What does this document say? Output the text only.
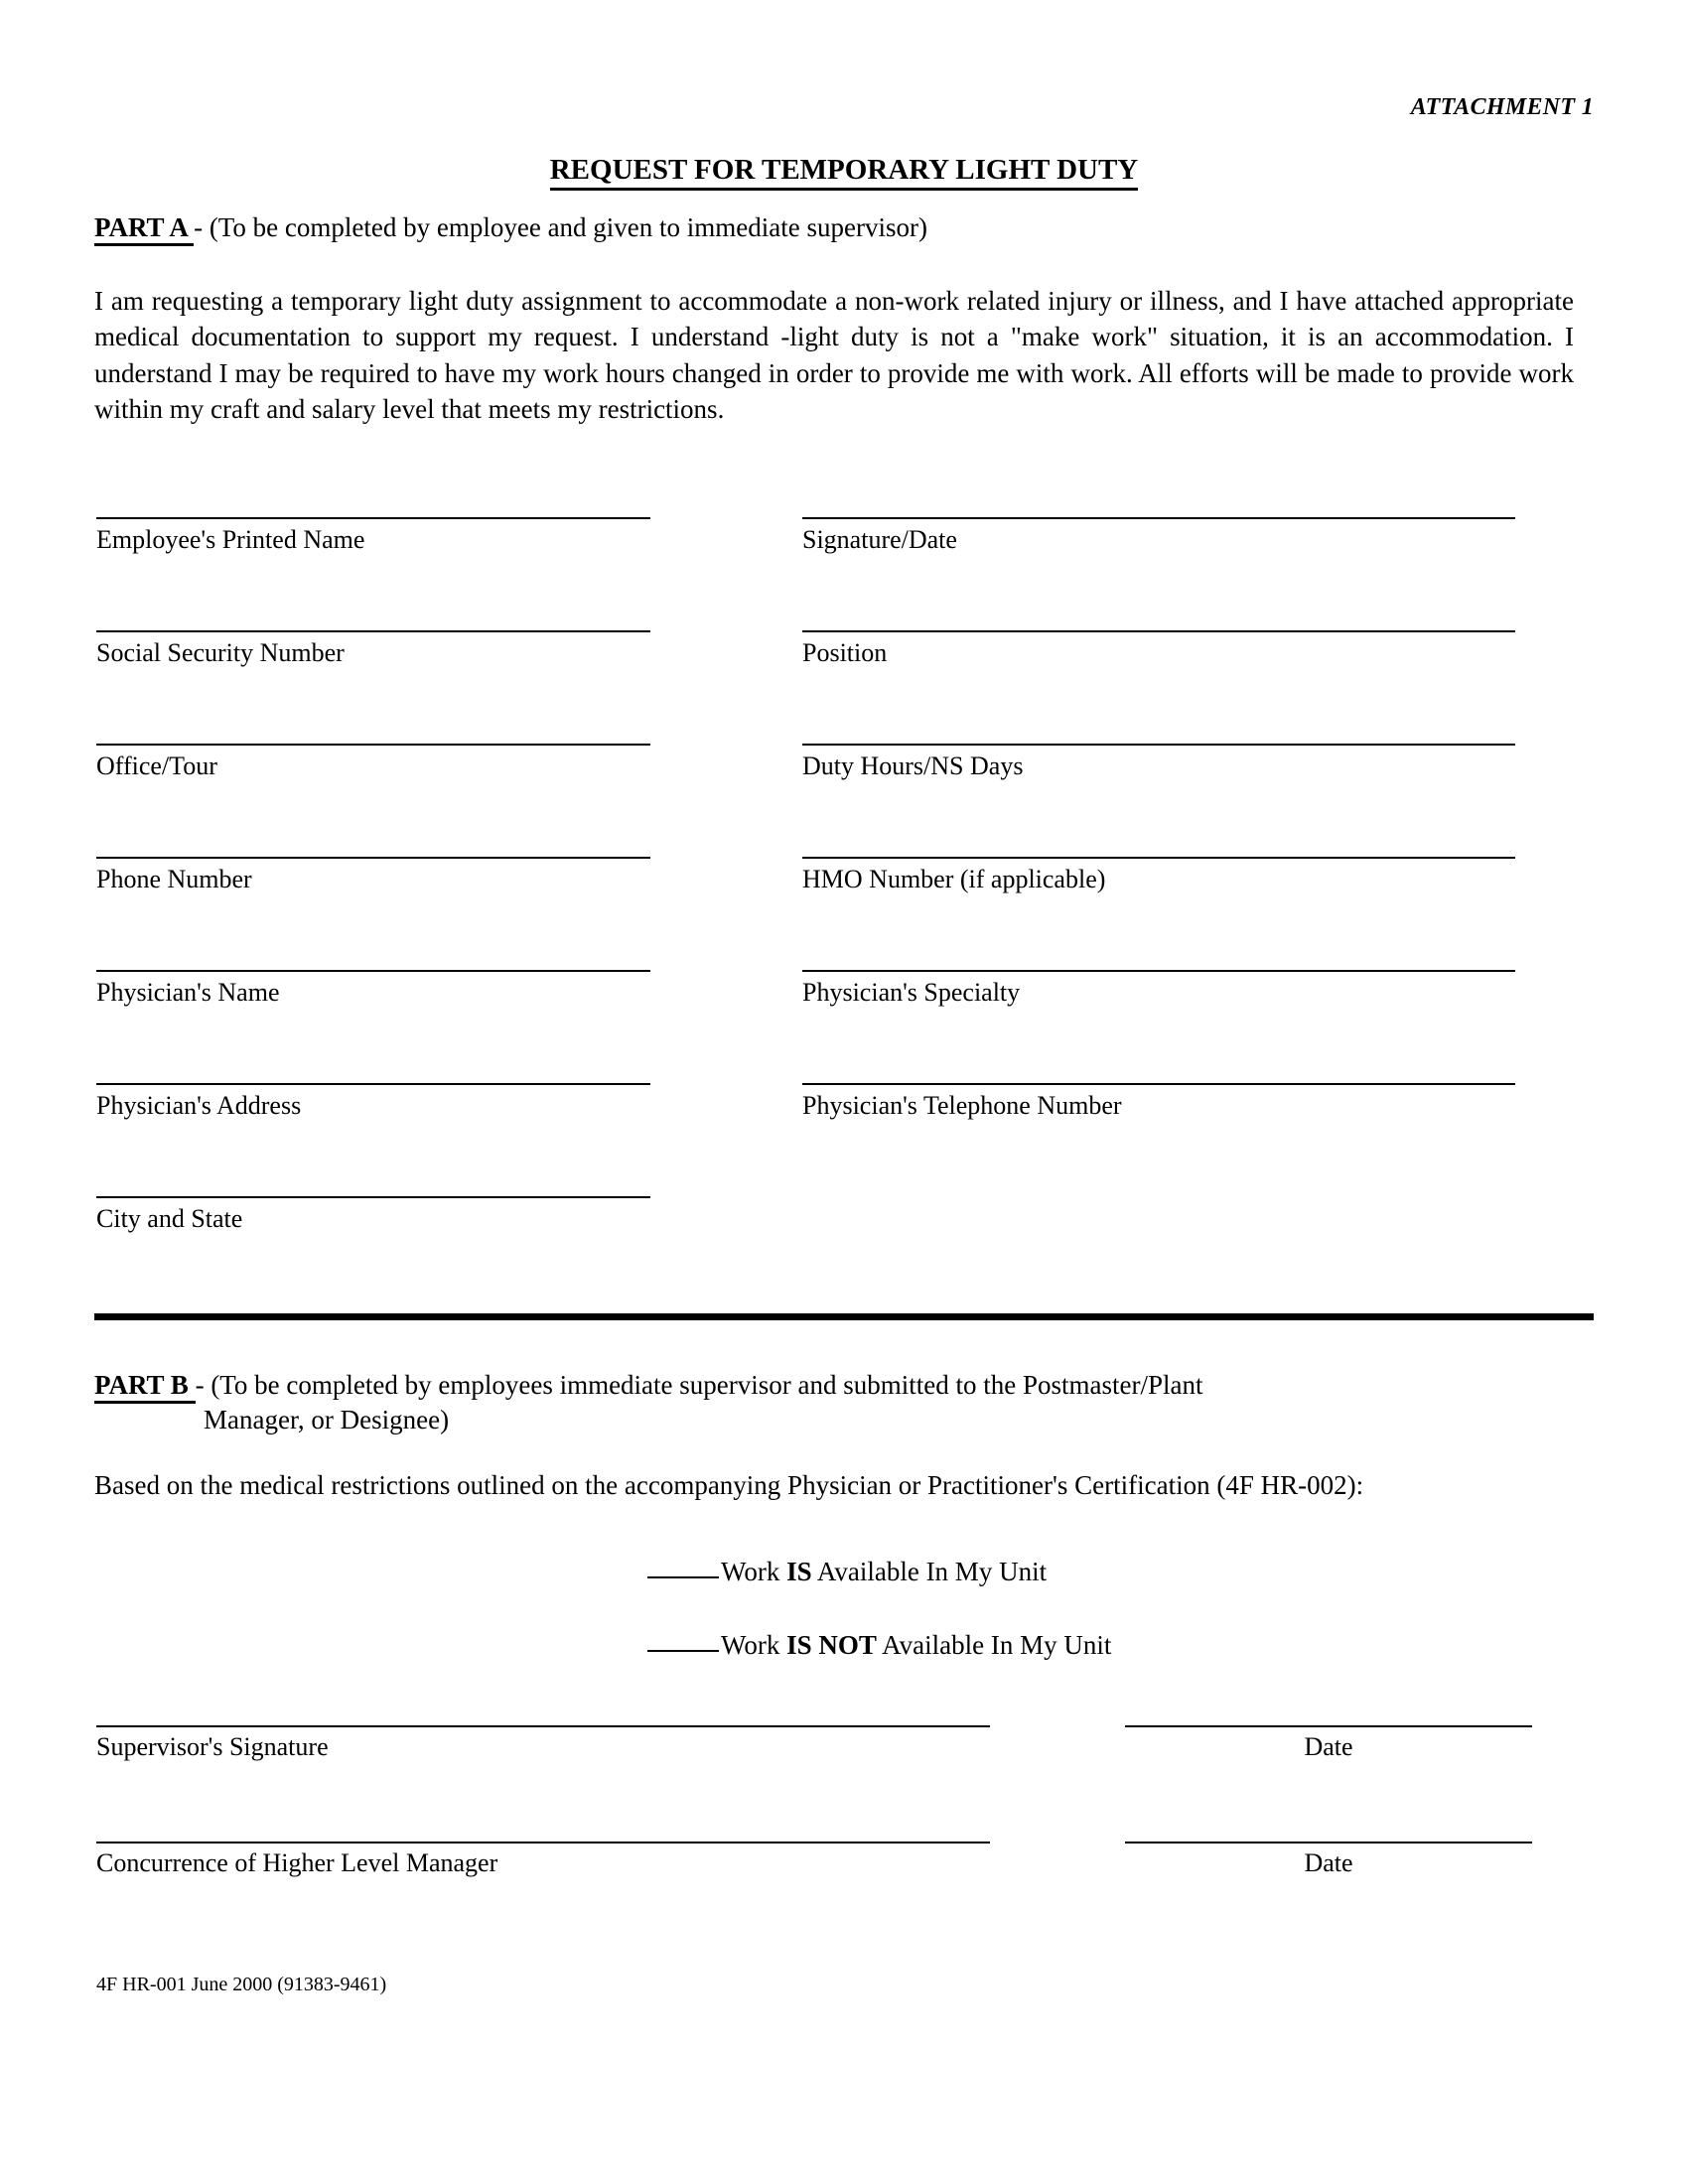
ATTACHMENT 1
REQUEST FOR TEMPORARY LIGHT DUTY
PART A - (To be completed by employee and given to immediate supervisor)
I am requesting a temporary light duty assignment to accommodate a non-work related injury or illness, and I have attached appropriate medical documentation to support my request. I understand -light duty is not a "make work" situation, it is an accommodation. I understand I may be required to have my work hours changed in order to provide me with work. All efforts will be made to provide work within my craft and salary level that meets my restrictions.
Employee's Printed Name	Signature/Date
Social Security Number	Position
Office/Tour	Duty Hours/NS Days
Phone Number	HMO Number (if applicable)
Physician's Name	Physician's Specialty
Physician's Address	Physician's Telephone Number
City and State
PART B - (To be completed by employees immediate supervisor and submitted to the Postmaster/Plant
Manager, or Designee)
Based on the medical restrictions outlined on the accompanying Physician or Practitioner's Certification (4F HR-002):
Work IS Available In My Unit
Work IS NOT Available In My Unit
Supervisor's Signature	Date
Concurrence of Higher Level Manager	Date
4F HR-001 June 2000 (91383-9461)
